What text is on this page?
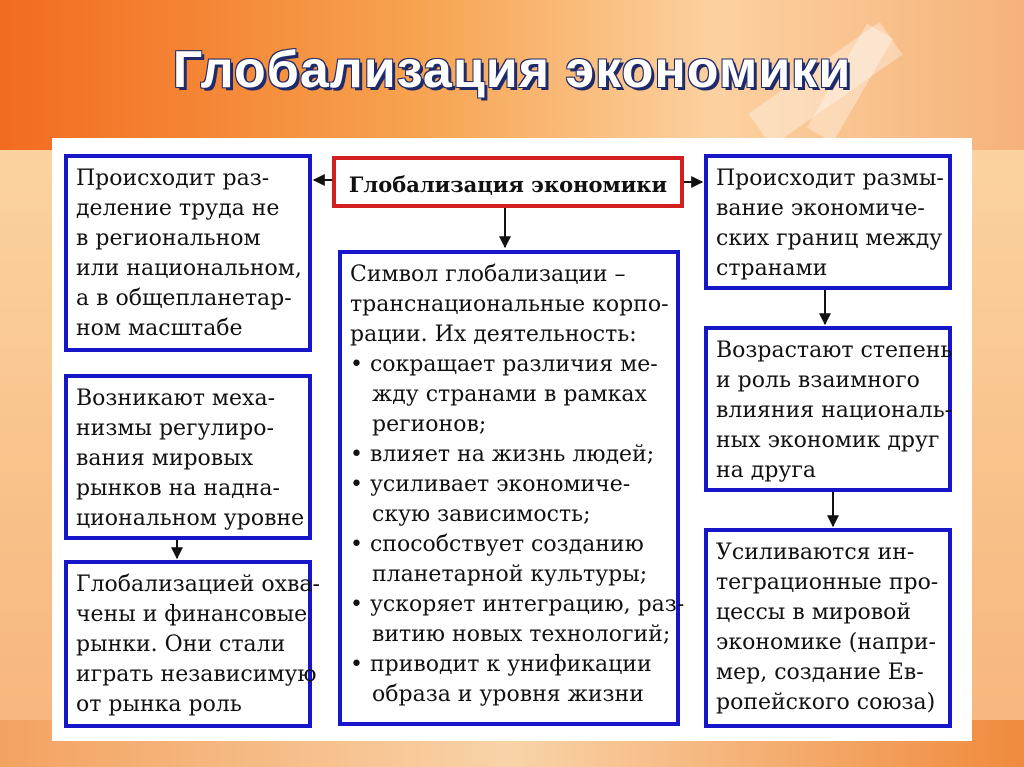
Глобализация экономики
Глобализация экономики
Происходит раз-
деление труда не
в региональном
или национальном,
а в общепланетар-
ном масштабе
Возникают меха-
низмы регулиро-
вания мировых
рынков на надна-
циональном уровне
Глобализацией охва-
чены и финансовые
рынки. Они стали
играть независимую
от рынка роль
Символ глобализации –
транснациональные корпо-
рации. Их деятельность:
• сокращает различия ме-
жду странами в рамках
регионов;
• влияет на жизнь людей;
• усиливает экономиче-
скую зависимость;
• способствует созданию
планетарной культуры;
• ускоряет интеграцию, раз-
витию новых технологий;
• приводит к унификации
образа и уровня жизни
Происходит размы-
вание экономиче-
ских границ между
странами
Возрастают степень
и роль взаимного
влияния националь-
ных экономик друг
на друга
Усиливаются ин-
теграционные про-
цессы в мировой
экономике (напри-
мер, создание Ев-
ропейского союза)
